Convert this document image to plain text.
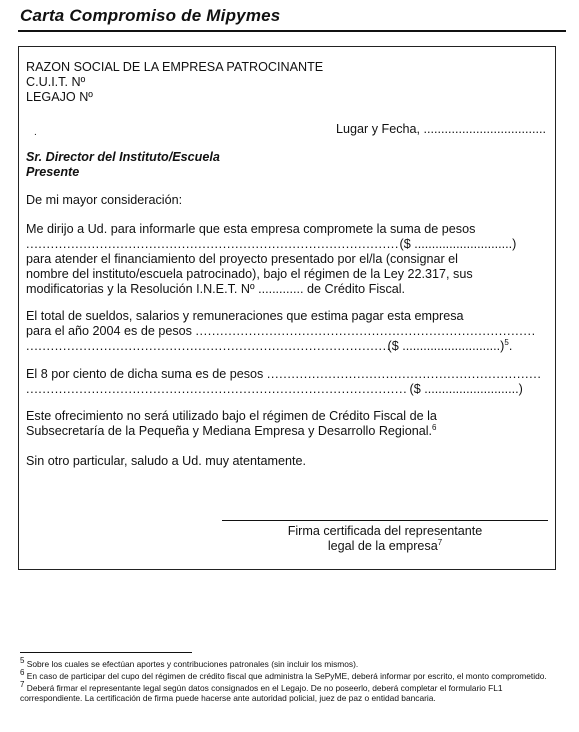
Carta Compromiso de Mipymes
.
RAZON SOCIAL DE LA EMPRESA PATROCINANTE
C.U.I.T. Nº
LEGAJO Nº
Lugar y Fecha, ...................................
Sr. Director del Instituto/Escuela
Presente
De mi mayor consideración:
Me dirijo a Ud. para informarle que esta empresa compromete la suma de pesos
........................................................................................... ($ ............................)
para atender el financiamiento del proyecto presentado por el/la (consignar el
nombre del instituto/escuela patrocinado), bajo el régimen de la Ley 22.317, sus
modificatorias y la Resolución I.N.E.T. Nº ............. de Crédito Fiscal.
El total de sueldos, salarios y remuneraciones que estima pagar esta empresa
para el año 2004 es de pesos ...................................................................................
......................................................................................... ($ ............................)$^5$.
El 8 por ciento de dicha suma es de pesos ...................................................................
............................................................................................. ($ ...........................)
Este ofrecimiento no será utilizado bajo el régimen de Crédito Fiscal de la
Subsecretaría de la Pequeña y Mediana Empresa y Desarrollo Regional.$^6$
Sin otro particular, saludo a Ud. muy atentamente.
Firma certificada del representante
legal de la empresa$^7$

5 Sobre los cuales se efectúan aportes y contribuciones patronales (sin incluir los mismos).

6 En caso de participar del cupo del régimen de crédito fiscal que administra la SePyME, deberá informar por escrito, el monto comprometido.

7 Deberá firmar el representante legal según datos consignados en el Legajo. De no poseerlo, deberá completar el formulario FL1 correspondiente. La certificación de firma puede hacerse ante autoridad policial, juez de paz o entidad bancaria.
